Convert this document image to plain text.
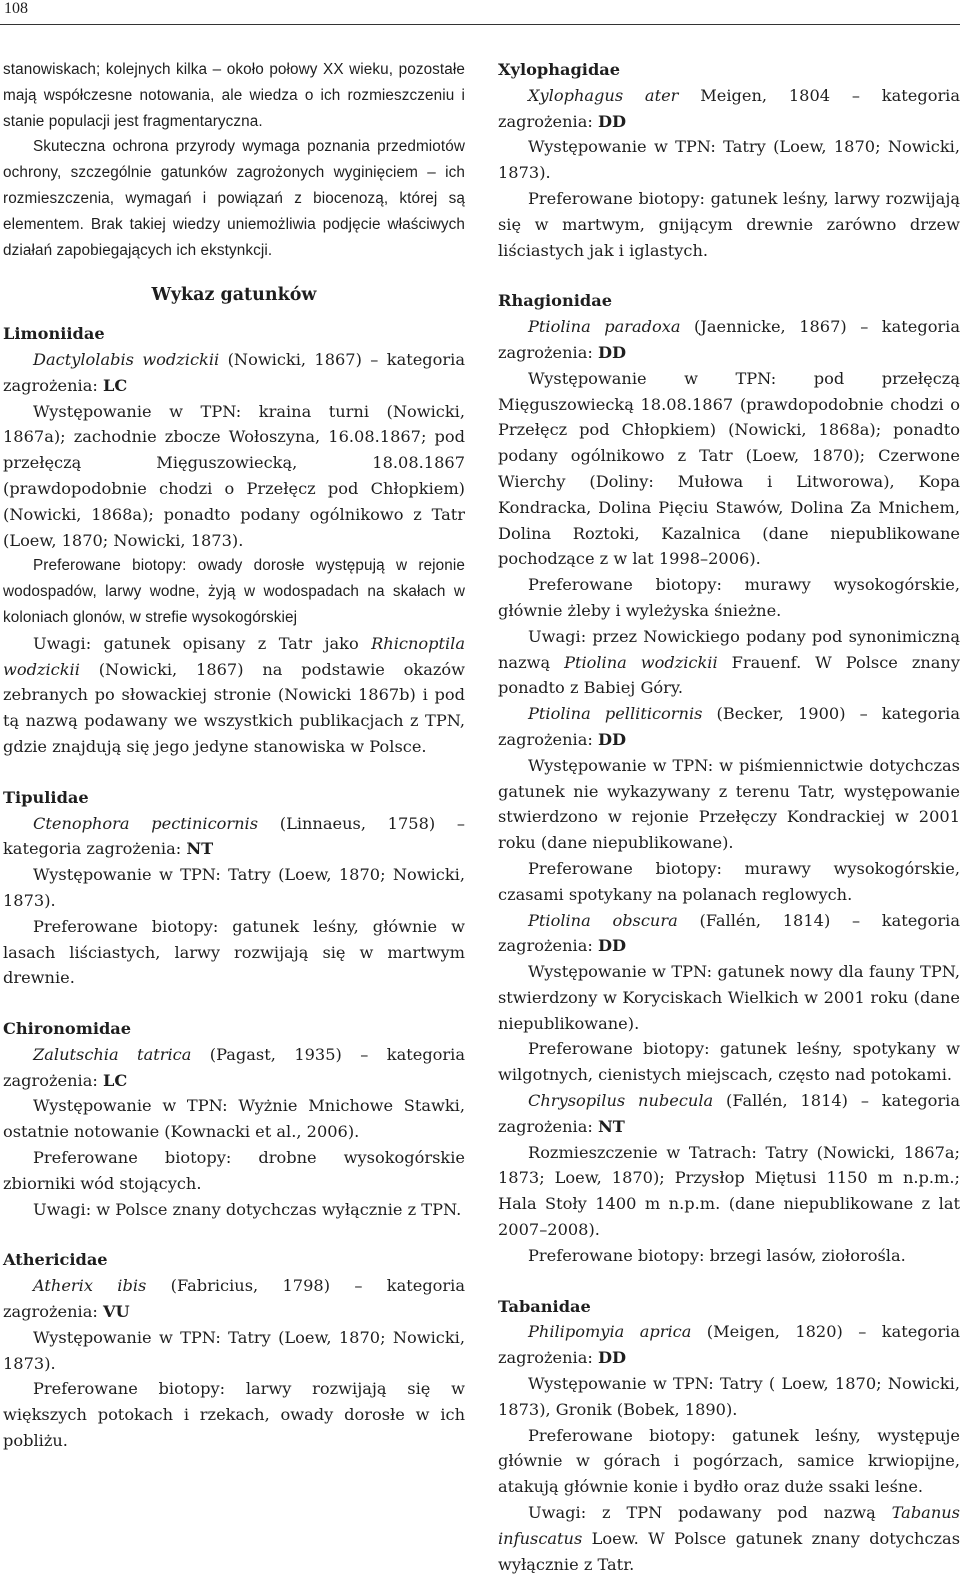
108

stanowiskach; kolejnych kilka – około połowy XX wieku, pozostałe mają współczesne notowania, ale wiedza o ich rozmieszczeniu i stanie populacji jest fragmentaryczna.

Skuteczna ochrona przyrody wymaga poznania przedmiotów ochrony, szczególnie gatunków zagrożonych wyginięciem – ich rozmieszczenia, wymagań i powiązań z biocenozą, której są elementem. Brak takiej wiedzy uniemożliwia podjęcie właściwych działań zapobiegających ich ekstynkcji.

Wykaz gatunków

Limoniidae

Dactylolabis wodzickii (Nowicki, 1867) – kategoria zagrożenia: LC

Występowanie w TPN: kraina turni (Nowicki, 1867a); zachodnie zbocze Wołoszyna, 16.08.1867; pod przełęczą Mięguszowiecką, 18.08.1867 (prawdopodobnie chodzi o Przełęcz pod Chłopkiem) (Nowicki, 1868a); ponadto podany ogólnikowo z Tatr (Loew, 1870; Nowicki, 1873).

Preferowane biotopy: owady dorosłe występują w rejonie wodospadów, larwy wodne, żyją w wodospadach na skałach w koloniach glonów, w strefie wysokogórskiej

Uwagi: gatunek opisany z Tatr jako Rhicnoptila wodzickii (Nowicki, 1867) na podstawie okazów zebranych po słowackiej stronie (Nowicki 1867b) i pod tą nazwą podawany we wszystkich publikacjach z TPN, gdzie znajdują się jego jedyne stanowiska w Polsce.

Tipulidae

Ctenophora pectinicornis (Linnaeus, 1758) – kategoria zagrożenia: NT

Występowanie w TPN: Tatry (Loew, 1870; Nowicki, 1873).

Preferowane biotopy: gatunek leśny, głównie w lasach liściastych, larwy rozwijają się w martwym drewnie.

Chironomidae

Zalutschia tatrica (Pagast, 1935) – kategoria zagrożenia: LC

Występowanie w TPN: Wyżnie Mnichowe Stawki, ostatnie notowanie (Kownacki et al., 2006).

Preferowane biotopy: drobne wysokogórskie zbiorniki wód stojących.

Uwagi: w Polsce znany dotychczas wyłącznie z TPN.

Athericidae

Atherix ibis (Fabricius, 1798) – kategoria zagrożenia: VU

Występowanie w TPN: Tatry (Loew, 1870; Nowicki, 1873).

Preferowane biotopy: larwy rozwijają się w większych potokach i rzekach, owady dorosłe w ich pobliżu.

Xylophagidae

Xylophagus ater Meigen, 1804 – kategoria zagrożenia: DD

Występowanie w TPN: Tatry (Loew, 1870; Nowicki, 1873).

Preferowane biotopy: gatunek leśny, larwy rozwijają się w martwym, gnijącym drewnie zarówno drzew liściastych jak i iglastych.

Rhagionidae

Ptiolina paradoxa (Jaennicke, 1867) – kategoria zagrożenia: DD

Występowanie w TPN: pod przełęczą Mięguszowiecką 18.08.1867 (prawdopodobnie chodzi o Przełęcz pod Chłopkiem) (Nowicki, 1868a); ponadto podany ogólnikowo z Tatr (Loew, 1870); Czerwone Wierchy (Doliny: Mułowa i Litworowa), Kopa Kondracka, Dolina Pięciu Stawów, Dolina Za Mnichem, Dolina Roztoki, Kazalnica (dane niepublikowane pochodzące z w lat 1998–2006).

Preferowane biotopy: murawy wysokogórskie, głównie żleby i wyleżyska śnieżne.

Uwagi: przez Nowickiego podany pod synonimiczną nazwą Ptiolina wodzickii Frauenf. W Polsce znany ponadto z Babiej Góry.

Ptiolina pelliticornis (Becker, 1900) – kategoria zagrożenia: DD

Występowanie w TPN: w piśmiennictwie dotychczas gatunek nie wykazywany z terenu Tatr, występowanie stwierdzono w rejonie Przełęczy Kondrackiej w 2001 roku (dane niepublikowane).

Preferowane biotopy: murawy wysokogórskie, czasami spotykany na polanach reglowych.

Ptiolina obscura (Fallén, 1814) – kategoria zagrożenia: DD

Występowanie w TPN: gatunek nowy dla fauny TPN, stwierdzony w Koryciskach Wielkich w 2001 roku (dane niepublikowane).

Preferowane biotopy: gatunek leśny, spotykany w wilgotnych, cienistych miejscach, często nad potokami.

Chrysopilus nubecula (Fallén, 1814) – kategoria zagrożenia: NT

Rozmieszczenie w Tatrach: Tatry (Nowicki, 1867a; 1873; Loew, 1870); Przysłop Miętusi 1150 m n.p.m.; Hala Stoły 1400 m n.p.m. (dane niepublikowane z lat 2007–2008).

Preferowane biotopy: brzegi lasów, ziołorośla.

Tabanidae

Philipomyia aprica (Meigen, 1820) – kategoria zagrożenia: DD

Występowanie w TPN: Tatry ( Loew, 1870; Nowicki, 1873), Gronik (Bobek, 1890).

Preferowane biotopy: gatunek leśny, występuje głównie w górach i pogórzach, samice krwiopijne, atakują głównie konie i bydło oraz duże ssaki leśne.

Uwagi: z TPN podawany pod nazwą Tabanus infuscatus Loew. W Polsce gatunek znany dotychczas wyłącznie z Tatr.
